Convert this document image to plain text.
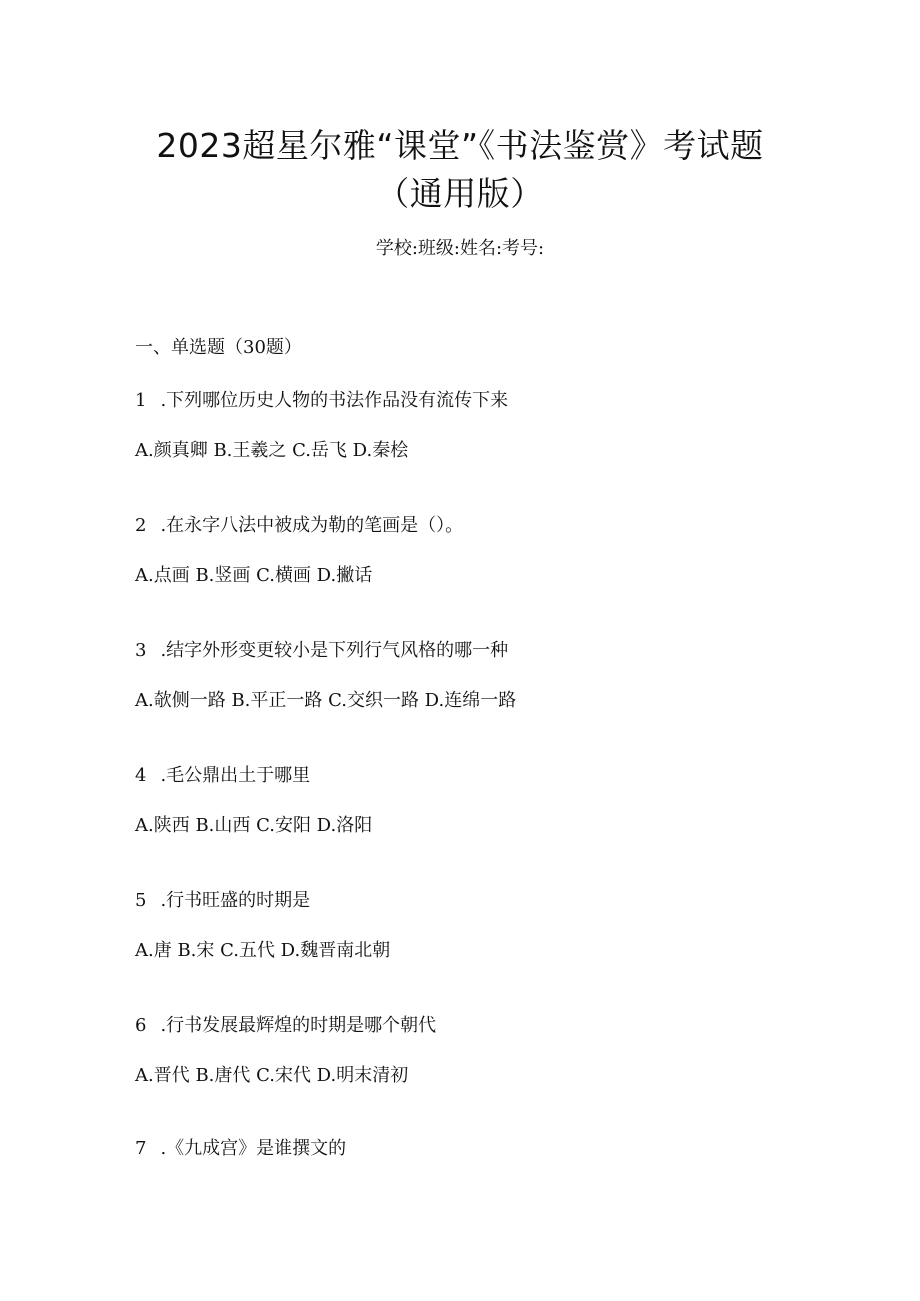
2023超星尔雅“课堂”《书法鉴赏》考试题
（通用版）
学校:班级:姓名:考号:
一、单选题（30题）
1 .下列哪位历史人物的书法作品没有流传下来
A.颜真卿 B.王羲之 C.岳飞 D.秦桧
2 .在永字八法中被成为勒的笔画是（）。
A.点画 B.竖画 C.横画 D.撇话
3 .结字外形变更较小是下列行气风格的哪一种
A.欹侧一路 B.平正一路 C.交织一路 D.连绵一路
4 .毛公鼎出土于哪里
A.陕西 B.山西 C.安阳 D.洛阳
5 .行书旺盛的时期是
A.唐 B.宋 C.五代 D.魏晋南北朝
6 .行书发展最辉煌的时期是哪个朝代
A.晋代 B.唐代 C.宋代 D.明末清初
7 .《九成宫》是谁撰文的
